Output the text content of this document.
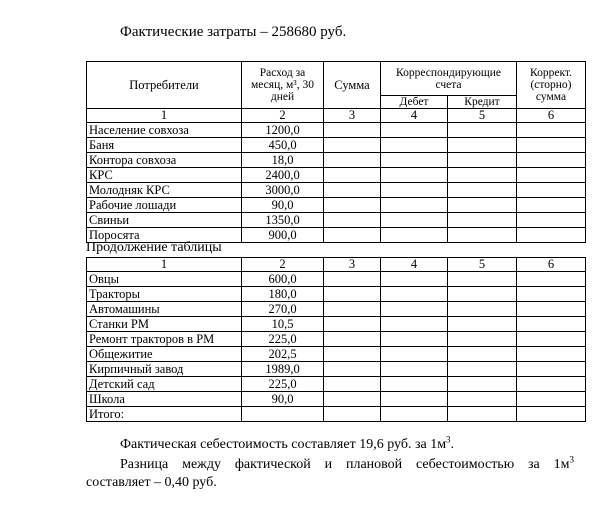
Фактические затраты – 258680 руб.
Потребители	Расход за месяц, м³, 30 дней	Сумма	Корреспондирующие счета		Коррект. (сторно) сумма
			Дебет	Кредит	
1	2	3	4	5	6
Население совхоза	1200,0				
Баня	450,0				
Контора совхоза	18,0				
КРС	2400,0				
Молодняк КРС	3000,0				
Рабочие лошади	90,0				
Свиньи	1350,0				
Поросята	900,0				
Продолжение таблицы
1	2	3	4	5	6
Овцы	600,0				
Тракторы	180,0				
Автомашины	270,0				
Станки РМ	10,5				
Ремонт тракторов в РМ	225,0				
Общежитие	202,5				
Кирпичный завод	1989,0				
Детский сад	225,0				
Школа	90,0				
Итого:					
Фактическая себестоимость составляет 19,6 руб. за $1м^3$.
Разница между фактической и плановой себестоимостью за $1м^3$
составляет – 0,40 руб.
